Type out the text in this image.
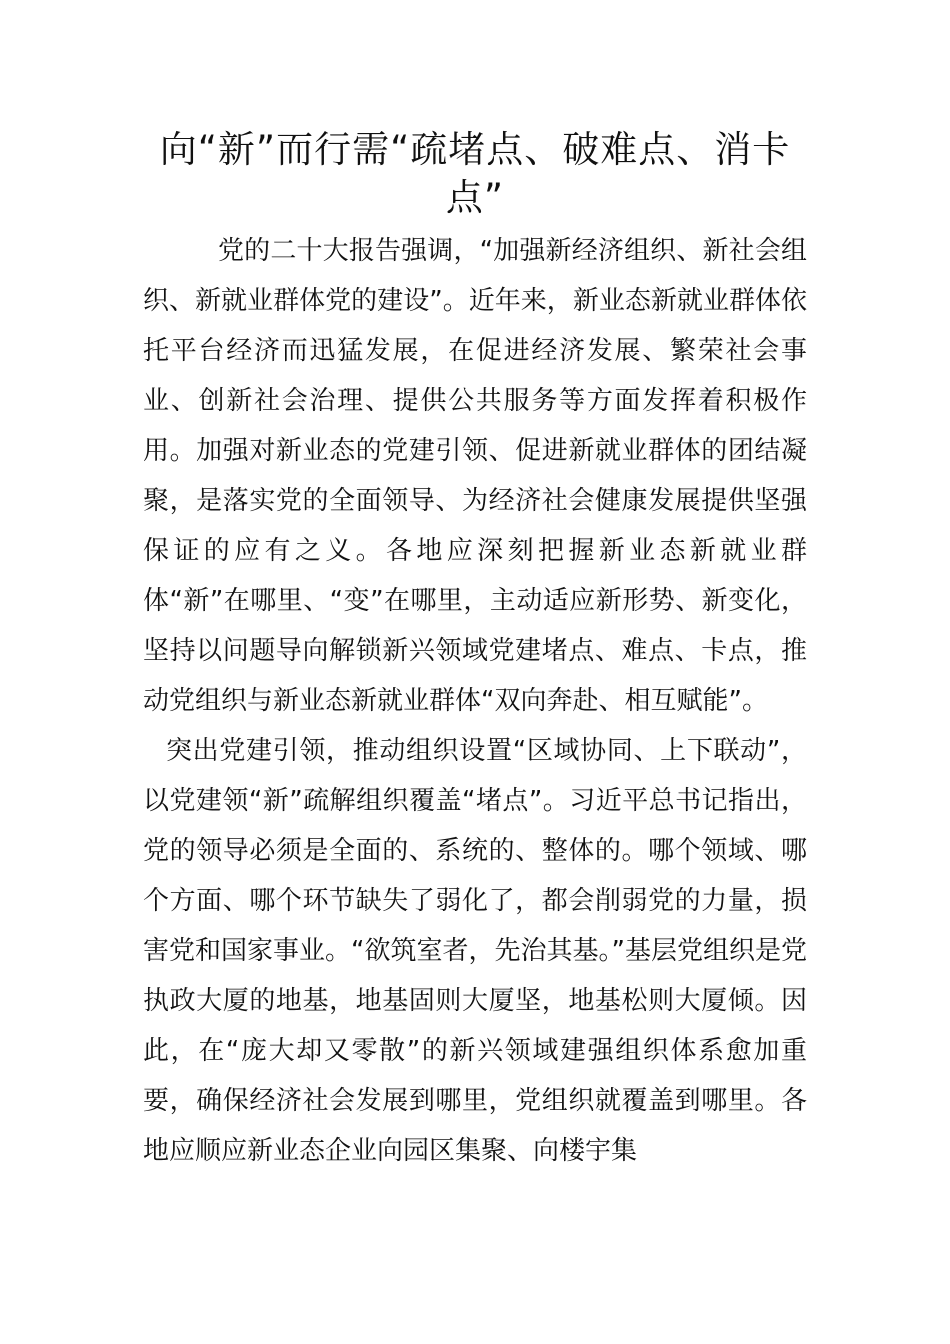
向“新”而行需“疏堵点、破难点、消卡点”

党的二十大报告强调，“加强新经济组织、新社会组织、新就业群体党的建设”。近年来，新业态新就业群体依托平台经济而迅猛发展，在促进经济发展、繁荣社会事业、创新社会治理、提供公共服务等方面发挥着积极作用。加强对新业态的党建引领、促进新就业群体的团结凝聚，是落实党的全面领导、为经济社会健康发展提供坚强保证的应有之义。各地应深刻把握新业态新就业群体“新”在哪里、“变”在哪里，主动适应新形势、新变化，坚持以问题导向解锁新兴领域党建堵点、难点、卡点，推动党组织与新业态新就业群体“双向奔赴、相互赋能”。

突出党建引领，推动组织设置“区域协同、上下联动”，以党建领“新”疏解组织覆盖“堵点”。习近平总书记指出，党的领导必须是全面的、系统的、整体的。哪个领域、哪个方面、哪个环节缺失了弱化了，都会削弱党的力量，损害党和国家事业。“欲筑室者，先治其基。”基层党组织是党执政大厦的地基，地基固则大厦坚，地基松则大厦倾。因此，在“庞大却又零散”的新兴领域建强组织体系愈加重要，确保经济社会发展到哪里，党组织就覆盖到哪里。各地应顺应新业态企业向园区集聚、向楼宇集
